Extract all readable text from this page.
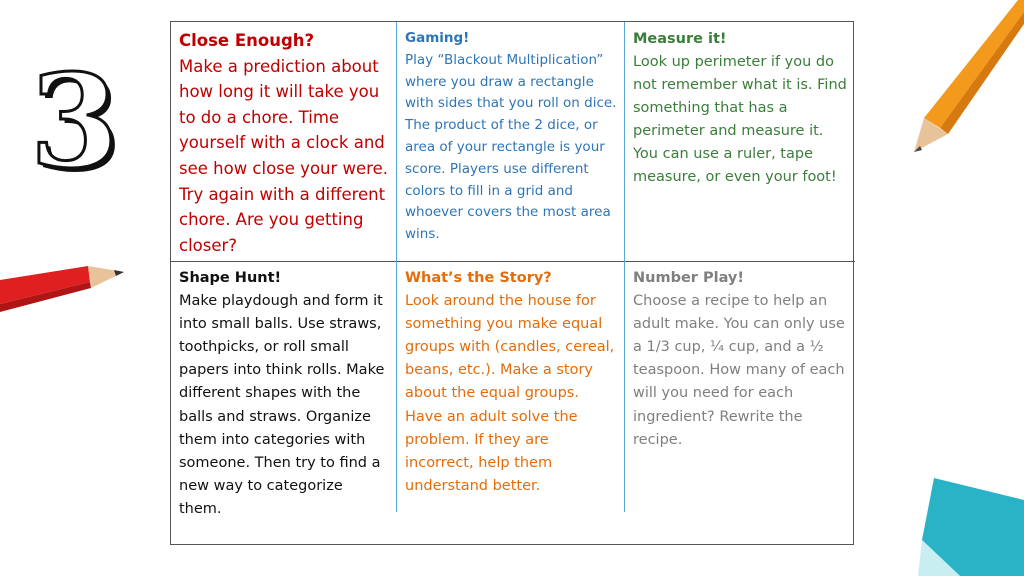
3
Close Enough?
Make a prediction about how long it will take you to do a chore. Time yourself with a clock and see how close your were. Try again with a different chore. Are you getting closer?
Gaming!
Play “Blackout Multiplication” where you draw a rectangle with sides that you roll on dice. The product of the 2 dice, or area of your rectangle is your score. Players use different colors to fill in a grid and whoever covers the most area wins.
Measure it!
Look up perimeter if you do not remember what it is. Find something that has a perimeter and measure it. You can use a ruler, tape measure, or even your foot!
Shape Hunt!
Make playdough and form it into small balls. Use straws, toothpicks, or roll small papers into think rolls. Make different shapes with the balls and straws. Organize them into categories with someone. Then try to find a new way to categorize them.
What’s the Story?
Look around the house for something you make equal groups with (candles, cereal, beans, etc.). Make a story about the equal groups. Have an adult solve the problem. If they are incorrect, help them understand better.
Number Play!
Choose a recipe to help an adult make. You can only use a 1/3 cup, ¼ cup, and a ½ teaspoon. How many of each will you need for each ingredient? Rewrite the recipe.
